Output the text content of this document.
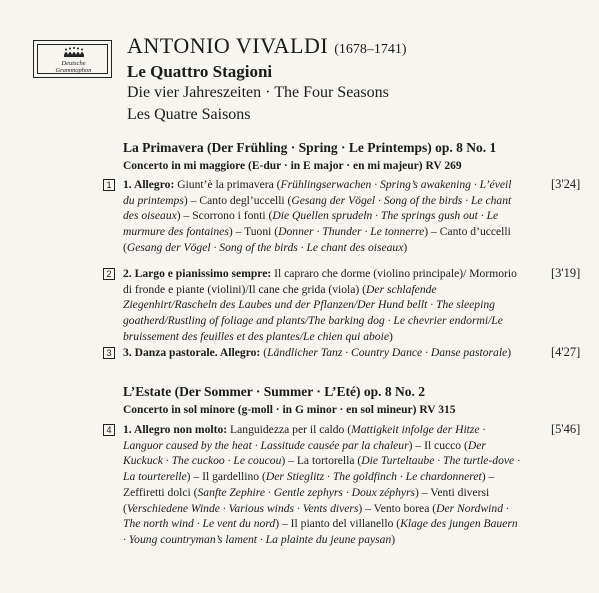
Deutsche
Grammophon
ANTONIO VIVALDI (1678–1741)
Le Quattro Stagioni
Die vier Jahreszeiten · The Four Seasons
Les Quatre Saisons
La Primavera (Der Frühling · Spring · Le Printemps) op. 8 No. 1
Concerto in mi maggiore (E-dur · in E major · en mi majeur) RV 269
1 1. Allegro: Giunt’è la primavera (Frühlingserwachen · Spring’s awakening · L’éveil du printemps) – Canto degl’uccelli (Gesang der Vögel · Song of the birds · Le chant des oiseaux) – Scorrono i fonti (Die Quellen sprudeln · The springs gush out · Le murmure des fontaines) – Tuoni (Donner · Thunder · Le tonnerre) – Canto d’uccelli (Gesang der Vögel · Song of the birds · Le chant des oiseaux)
[3'24]
2 2. Largo e pianissimo sempre: Il capraro che dorme (violino principale)/ Mormorio di fronde e piante (violini)/Il cane che grida (viola) (Der schlafende Ziegenhirt/Rascheln des Laubes und der Pflanzen/Der Hund bellt · The sleeping goatherd/Rustling of foliage and plants/The barking dog · Le chevrier endormi/Le bruissement des feuilles et des plantes/Le chien qui aboie)
[3'19]
3 3. Danza pastorale. Allegro: (Ländlicher Tanz · Country Dance · Danse pastorale)	[4'27]
L’Estate (Der Sommer · Summer · L’Eté) op. 8 No. 2
Concerto in sol minore (g-moll · in G minor · en sol mineur) RV 315
4 1. Allegro non molto: Languidezza per il caldo (Mattigkeit infolge der Hitze · Languor caused by the heat · Lassitude causée par la chaleur) – Il cucco (Der Kuckuck · The cuckoo · Le coucou) – La tortorella (Die Turteltaube · The turtle-dove · La tourterelle) – Il gardellino (Der Stieglitz · The goldfinch · Le chardonneret) – Zeffiretti dolci (Sanfte Zephire · Gentle zephyrs · Doux zéphyrs) – Venti diversi (Verschiedene Winde · Various winds · Vents divers) – Vento borea (Der Nordwind · The north wind · Le vent du nord) – Il pianto del villanello (Klage des jungen Bauern · Young countryman’s lament · La plainte du jeune paysan)
[5'46]
